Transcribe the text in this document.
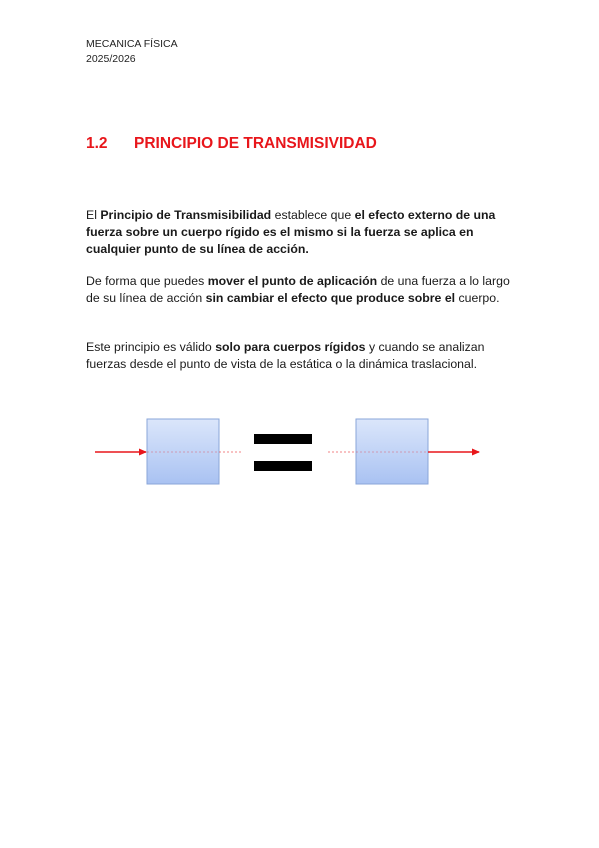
MECANICA FÍSICA
2025/2026
1.2 PRINCIPIO DE TRANSMISIVIDAD

El Principio de Transmisibilidad establece que el efecto externo de una fuerza sobre un cuerpo rígido es el mismo si la fuerza se aplica en cualquier punto de su línea de acción.

De forma que puedes mover el punto de aplicación de una fuerza a lo largo de su línea de acción sin cambiar el efecto que produce sobre el cuerpo.

Este principio es válido solo para cuerpos rígidos y cuando se analizan fuerzas desde el punto de vista de la estática o la dinámica traslacional.
